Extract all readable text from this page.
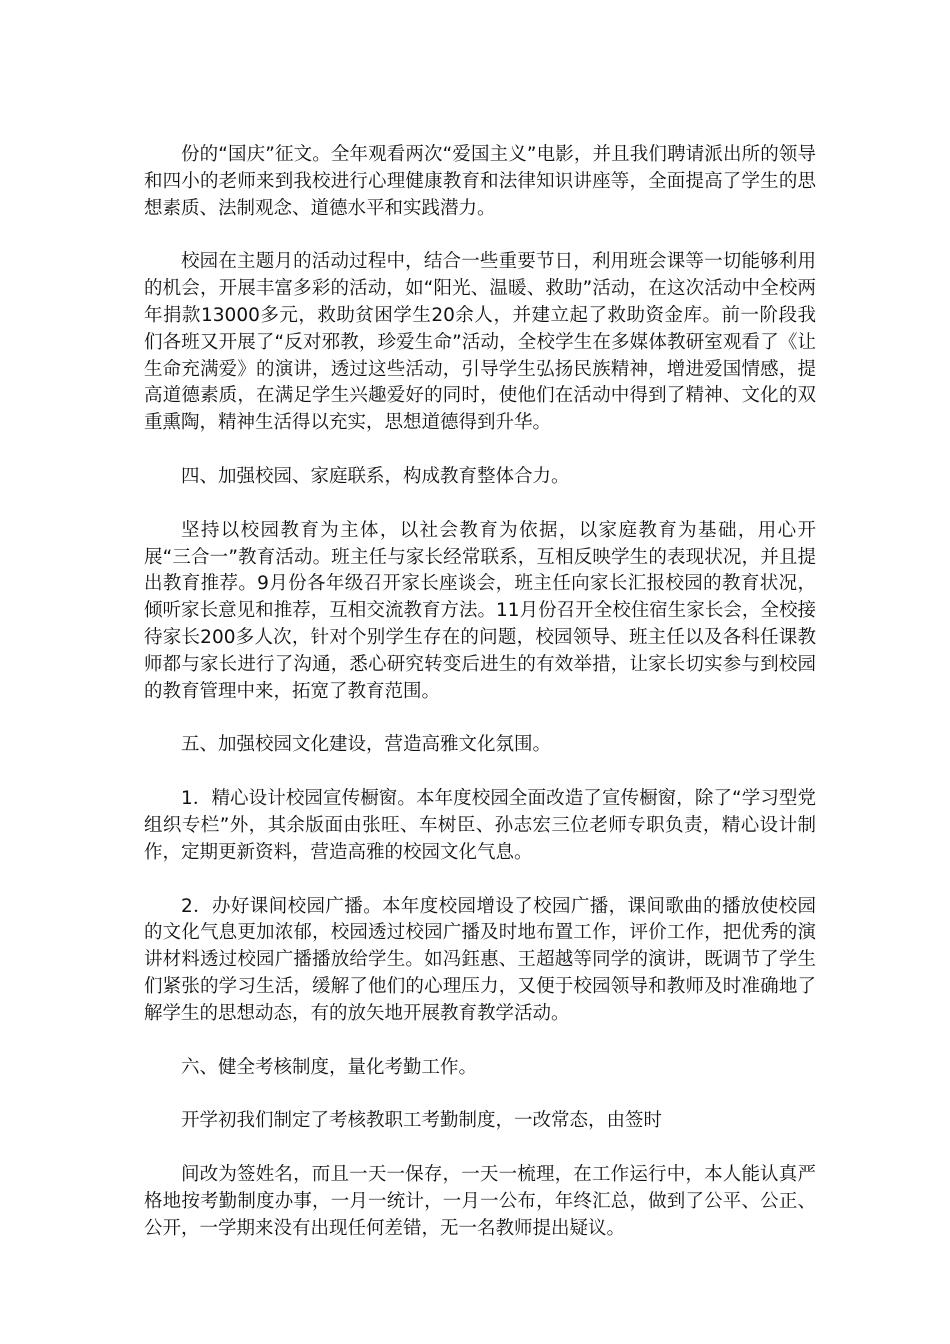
份的“国庆”征文。全年观看两次“爱国主义”电影，并且我们聘请派出所的领导和四小的老师来到我校进行心理健康教育和法律知识讲座等，全面提高了学生的思想素质、法制观念、道德水平和实践潜力。

校园在主题月的活动过程中，结合一些重要节日，利用班会课等一切能够利用的机会，开展丰富多彩的活动，如“阳光、温暖、救助”活动，在这次活动中全校两年捐款13000多元，救助贫困学生20余人，并建立起了救助资金库。前一阶段我们各班又开展了“反对邪教，珍爱生命”活动，全校学生在多媒体教研室观看了《让生命充满爱》的演讲，透过这些活动，引导学生弘扬民族精神，增进爱国情感，提高道德素质，在满足学生兴趣爱好的同时，使他们在活动中得到了精神、文化的双重熏陶，精神生活得以充实，思想道德得到升华。

四、加强校园、家庭联系，构成教育整体合力。

坚持以校园教育为主体，以社会教育为依据，以家庭教育为基础，用心开展“三合一”教育活动。班主任与家长经常联系，互相反映学生的表现状况，并且提出教育推荐。9月份各年级召开家长座谈会，班主任向家长汇报校园的教育状况，倾听家长意见和推荐，互相交流教育方法。11月份召开全校住宿生家长会，全校接待家长200多人次，针对个别学生存在的问题，校园领导、班主任以及各科任课教师都与家长进行了沟通，悉心研究转变后进生的有效举措，让家长切实参与到校园的教育管理中来，拓宽了教育范围。

五、加强校园文化建设，营造高雅文化氛围。

1．精心设计校园宣传橱窗。本年度校园全面改造了宣传橱窗，除了“学习型党组织专栏”外，其余版面由张旺、车树臣、孙志宏三位老师专职负责，精心设计制作，定期更新资料，营造高雅的校园文化气息。

2．办好课间校园广播。本年度校园增设了校园广播，课间歌曲的播放使校园的文化气息更加浓郁，校园透过校园广播及时地布置工作，评价工作，把优秀的演讲材料透过校园广播播放给学生。如冯鈺惠、王超越等同学的演讲，既调节了学生们紧张的学习生活，缓解了他们的心理压力，又便于校园领导和教师及时准确地了解学生的思想动态，有的放矢地开展教育教学活动。

六、健全考核制度，量化考勤工作。

开学初我们制定了考核教职工考勤制度，一改常态，由签时

间改为签姓名，而且一天一保存，一天一梳理，在工作运行中，本人能认真严格地按考勤制度办事，一月一统计，一月一公布，年终汇总，做到了公平、公正、公开，一学期来没有出现任何差错，无一名教师提出疑议。
